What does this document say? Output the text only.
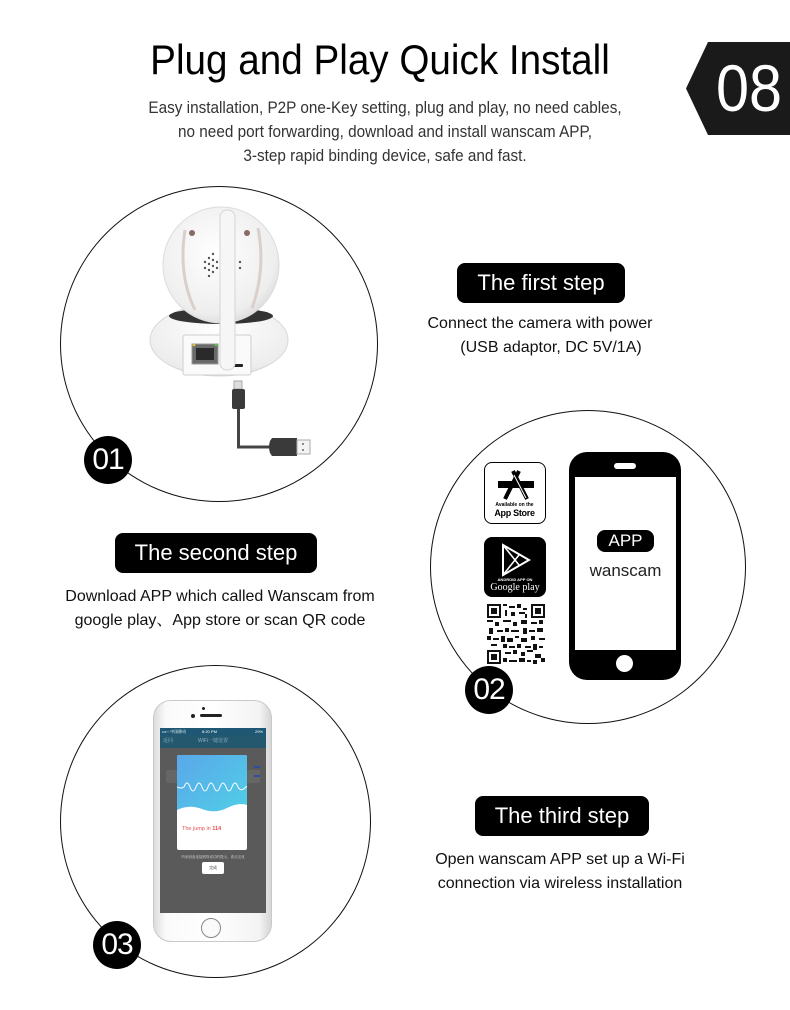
Plug and Play Quick Install
Easy installation, P2P one-Key setting, plug and play, no need cables,
no need port forwarding, download and install wanscam APP,
3-step rapid binding device, safe and fast.
08
01
The first step
Connect the camera with power
(USB adaptor, DC 5V/1A)
The second step
Download APP which called Wanscam from
google play、App store or scan QR code
Available on the
App Store
ANDROID APP ON
Google play
APP
wanscam
02
•••◦◦ 中国移动	8:20 PM	29%
返回	WiFi一键设置
The jump in 114
听到设备连接网络成功的提示，请点完成
完成
03
The third step
Open wanscam APP set up a Wi-Fi
connection via wireless installation
